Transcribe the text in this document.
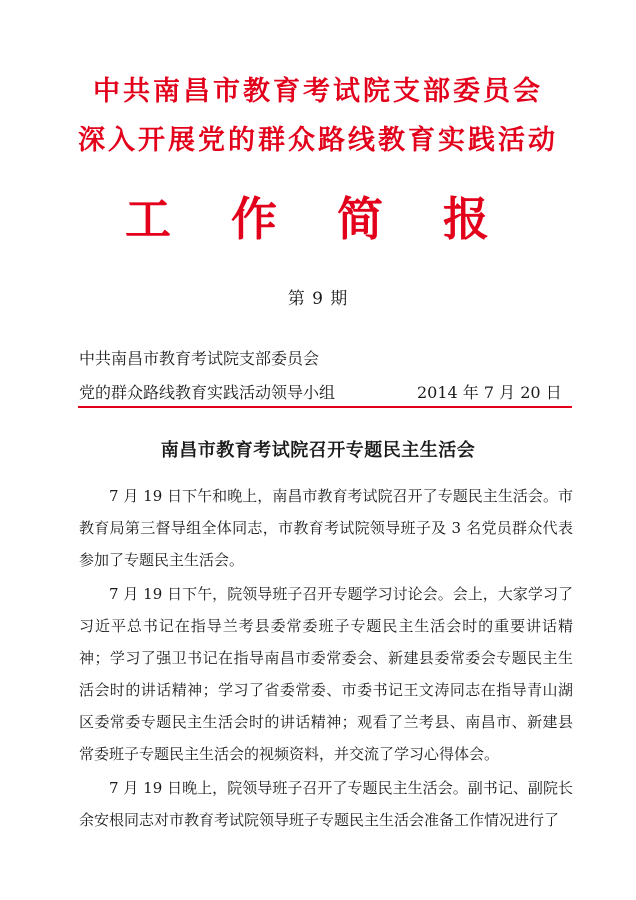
中共南昌市教育考试院支部委员会
深入开展党的群众路线教育实践活动
工 作 简 报
第 9 期
中共南昌市教育考试院支部委员会
党的群众路线教育实践活动领导小组	2014 年 7 月 20 日
南昌市教育考试院召开专题民主生活会

7 月 19 日下午和晚上，南昌市教育考试院召开了专题民主生活会。市教育局第三督导组全体同志，市教育考试院领导班子及 3 名党员群众代表参加了专题民主生活会。

7 月 19 日下午，院领导班子召开专题学习讨论会。会上，大家学习了习近平总书记在指导兰考县委常委班子专题民主生活会时的重要讲话精神；学习了强卫书记在指导南昌市委常委会、新建县委常委会专题民主生活会时的讲话精神；学习了省委常委、市委书记王文涛同志在指导青山湖区委常委专题民主生活会时的讲话精神；观看了兰考县、南昌市、新建县常委班子专题民主生活会的视频资料，并交流了学习心得体会。

7 月 19 日晚上，院领导班子召开了专题民主生活会。副书记、副院长余安根同志对市教育考试院领导班子专题民主生活会准备工作情况进行了
